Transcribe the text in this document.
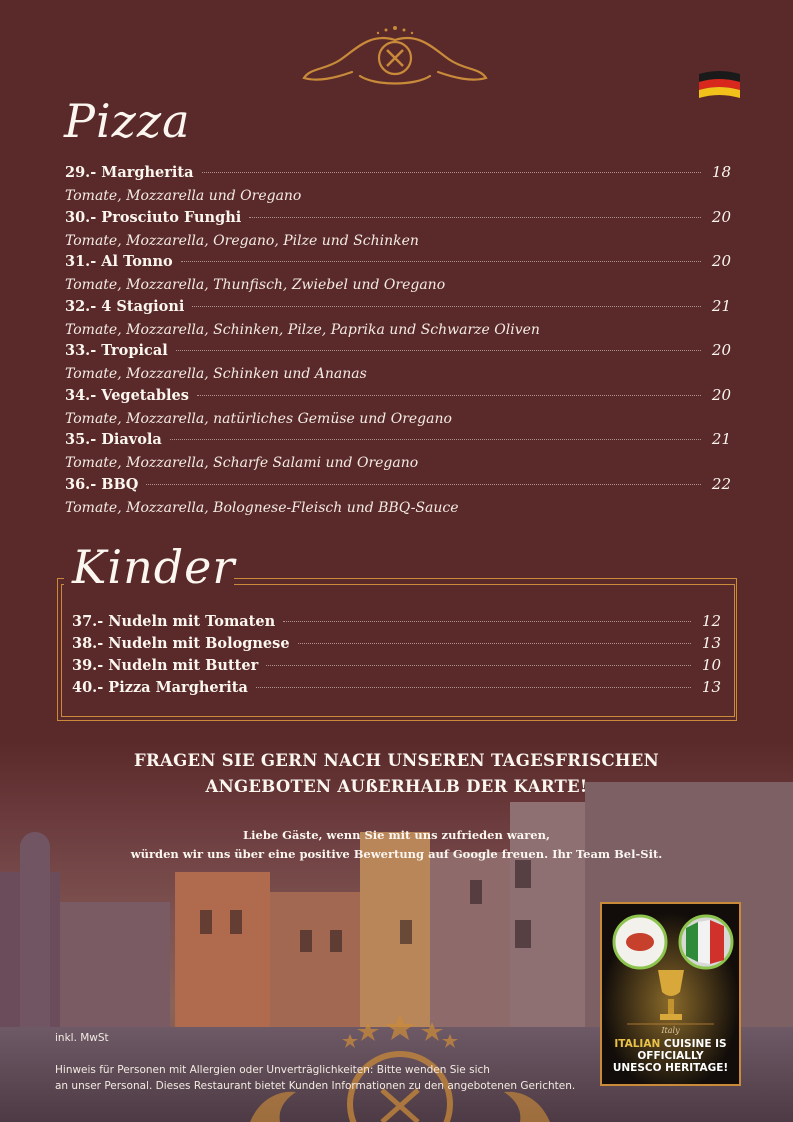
Pizza
29.- Margherita	18
Tomate, Mozzarella und Oregano
30.- Prosciuto Funghi	20
Tomate, Mozzarella, Oregano, Pilze und Schinken
31.- Al Tonno	20
Tomate, Mozzarella, Thunfisch, Zwiebel und Oregano
32.- 4 Stagioni	21
Tomate, Mozzarella, Schinken, Pilze, Paprika und Schwarze Oliven
33.- Tropical	20
Tomate, Mozzarella, Schinken und Ananas
34.- Vegetables	20
Tomate, Mozzarella, natürliches Gemüse und Oregano
35.- Diavola	21
Tomate, Mozzarella, Scharfe Salami und Oregano
36.- BBQ	22
Tomate, Mozzarella, Bolognese-Fleisch und BBQ-Sauce
Kinder
37.- Nudeln mit Tomaten	12
38.- Nudeln mit Bolognese	13
39.- Nudeln mit Butter	10
40.- Pizza Margherita	13
FRAGEN SIE GERN NACH UNSEREN TAGESFRISCHEN
ANGEBOTEN AUßERHALB DER KARTE!
Liebe Gäste, wenn Sie mit uns zufrieden waren,
würden wir uns über eine positive Bewertung auf Google freuen. Ihr Team Bel-Sit.
Italy
ITALIAN CUISINE IS OFFICIALLY
UNESCO HERITAGE!
inkl. MwSt
Hinweis für Personen mit Allergien oder Unverträglichkeiten: Bitte wenden Sie sich
an unser Personal. Dieses Restaurant bietet Kunden Informationen zu den angebotenen Gerichten.
